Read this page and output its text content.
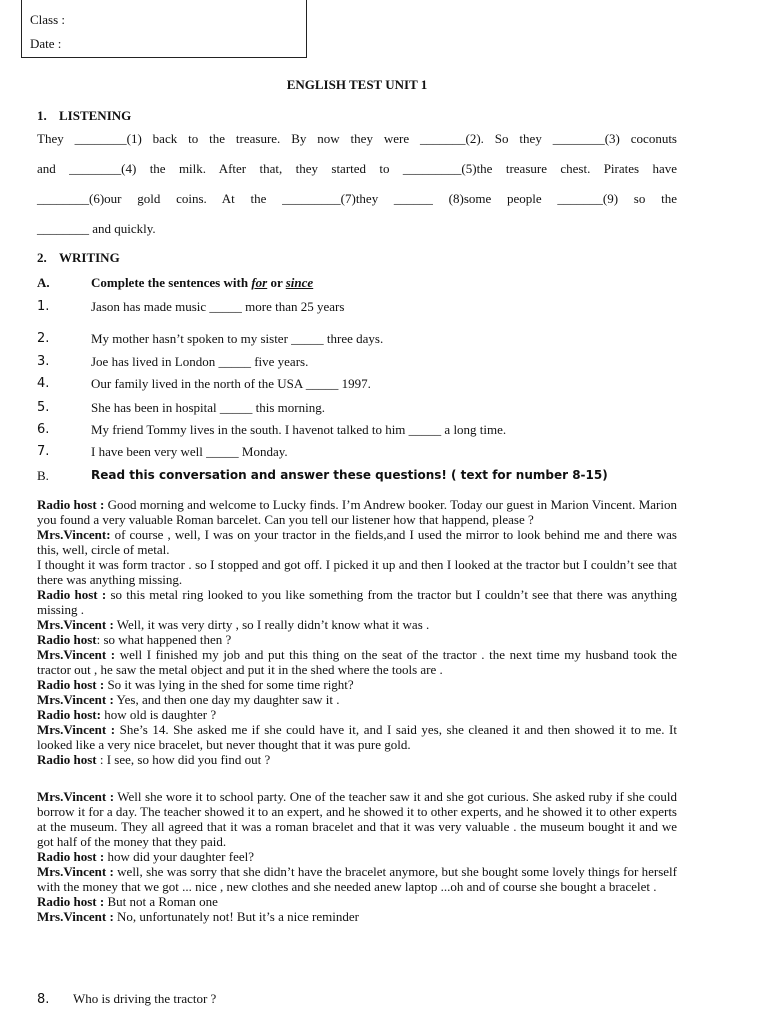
Class :
Date :
ENGLISH TEST UNIT 1
1. LISTENING
They ________(1) back to the treasure. By now they were _______(2). So they ________(3) coconuts
and ________(4) the milk. After that, they started to _________(5)the treasure chest. Pirates have
________(6)our gold coins. At the _________(7)they ______ (8)some people _______(9) so the
________ and quickly.
2. WRITING
A.	Complete the sentences with for or since
1.	Jason has made music _____ more than 25 years
2.	My mother hasn’t spoken to my sister _____ three days.
3.	Joe has lived in London _____ five years.
4.	Our family lived in the north of the USA _____ 1997.
5.	She has been in hospital _____ this morning.
6.	My friend Tommy lives in the south. I havenot talked to him _____ a long time.
7.	I have been very well _____ Monday.
B.	Read this conversation and answer these questions! ( text for number 8-15)

Radio host : Good morning and welcome to Lucky finds. I’m Andrew booker. Today our guest in Marion Vincent. Marion you found a very valuable Roman barcelet. Can you tell our listener how that happend, please ?

Mrs.Vincent: of course , well, I was on your tractor in the fields,and I used the mirror to look behind me and there was this, well, circle of metal.

I thought it was form tractor . so I stopped and got off. I picked it up and then I looked at the tractor but I couldn’t see that there was anything missing.

Radio host : so this metal ring looked to you like something from the tractor but I couldn’t see that there was anything missing .

Mrs.Vincent : Well, it was very dirty , so I really didn’t know what it was .

Radio host: so what happened then ?

Mrs.Vincent : well I finished my job and put this thing on the seat of the tractor . the next time my husband took the tractor out , he saw the metal object and put it in the shed where the tools are .

Radio host : So it was lying in the shed for some time right?

Mrs.Vincent : Yes, and then one day my daughter saw it .

Radio host: how old is daughter ?

Mrs.Vincent : She’s 14. She asked me if she could have it, and I said yes, she cleaned it and then showed it to me. It looked like a very nice bracelet, but never thought that it was pure gold.

Radio host : I see, so how did you find out ?

Mrs.Vincent : Well she wore it to school party. One of the teacher saw it and she got curious. She asked ruby if she could borrow it for a day. The teacher showed it to an expert, and he showed it to other experts, and he showed it to other experts at the museum. They all agreed that it was a roman bracelet and that it was very valuable . the museum bought it and we got half of the money that they paid.

Radio host : how did your daughter feel?

Mrs.Vincent : well, she was sorry that she didn’t have the bracelet anymore, but she bought some lovely things for herself with the money that we got ... nice , new clothes and she needed anew laptop ...oh and of course she bought a bracelet .

Radio host : But not a Roman one

Mrs.Vincent : No, unfortunately not! But it’s a nice reminder

8. Who is driving the tractor ?
